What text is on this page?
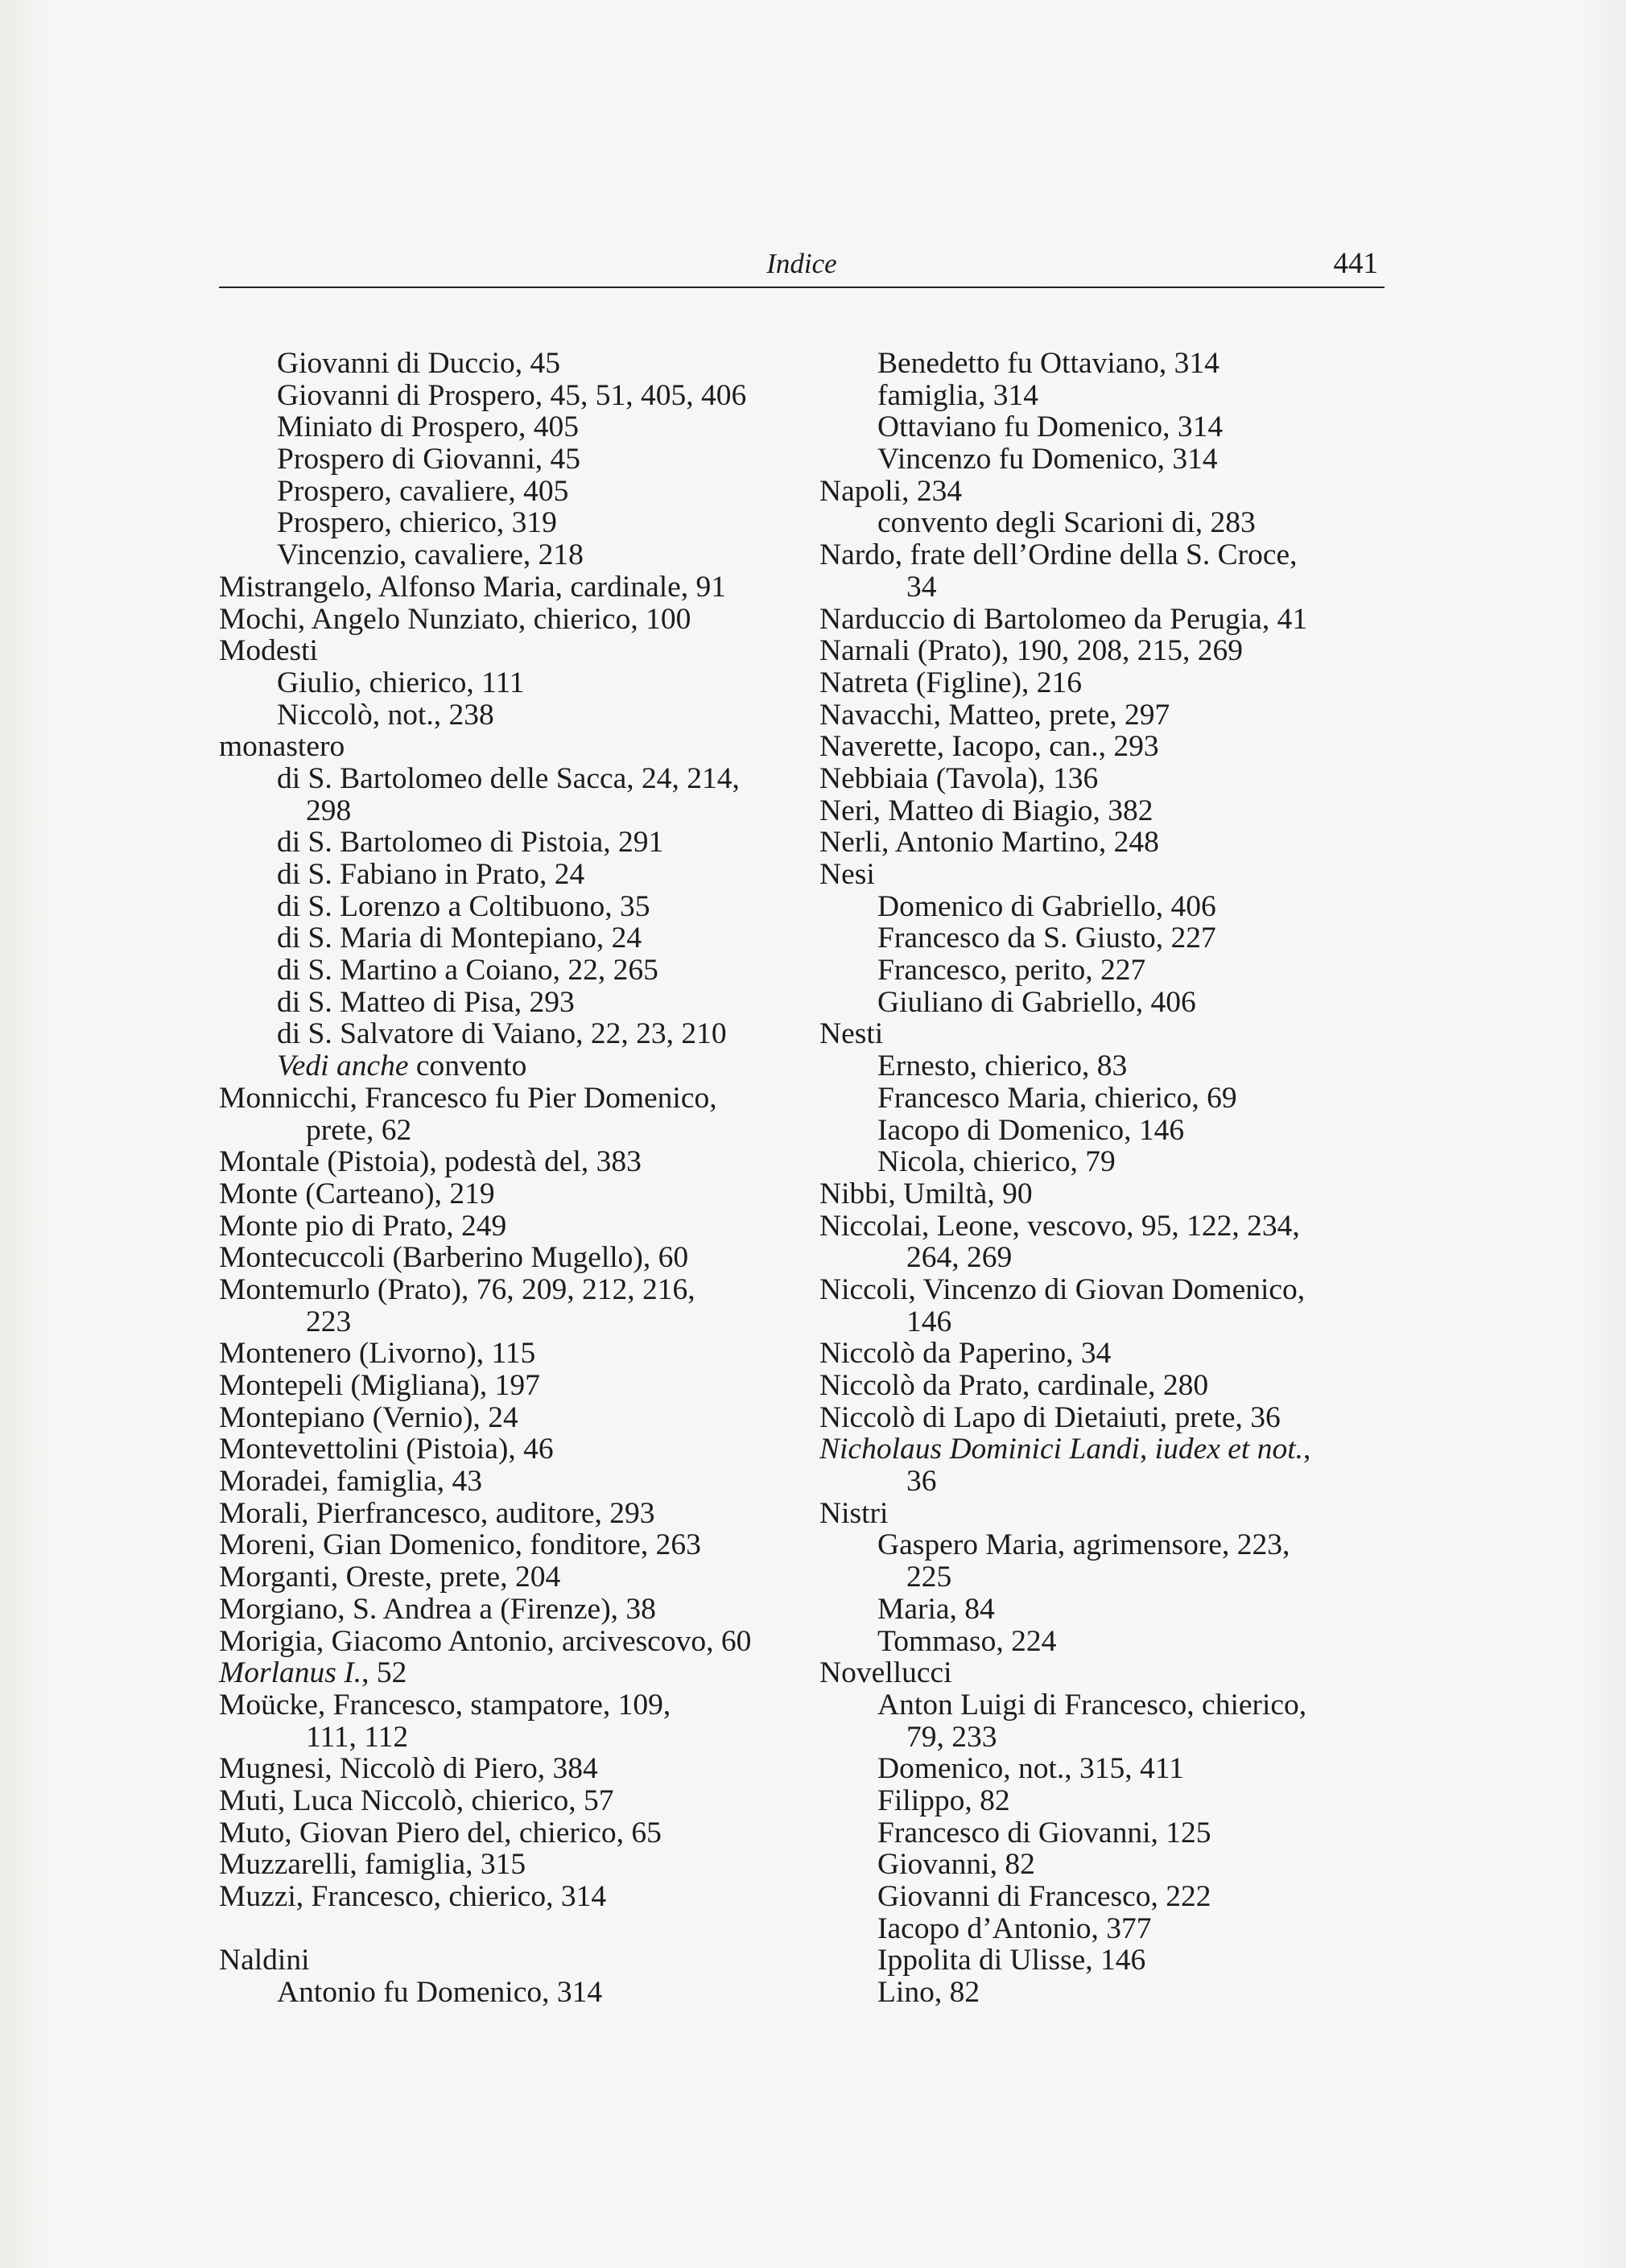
Indice	441
Giovanni di Duccio, 45
Giovanni di Prospero, 45, 51, 405, 406
Miniato di Prospero, 405
Prospero di Giovanni, 45
Prospero, cavaliere, 405
Prospero, chierico, 319
Vincenzio, cavaliere, 218
Mistrangelo, Alfonso Maria, cardinale, 91
Mochi, Angelo Nunziato, chierico, 100
Modesti
Giulio, chierico, 111
Niccolò, not., 238
monastero
di S. Bartolomeo delle Sacca, 24, 214,
298
di S. Bartolomeo di Pistoia, 291
di S. Fabiano in Prato, 24
di S. Lorenzo a Coltibuono, 35
di S. Maria di Montepiano, 24
di S. Martino a Coiano, 22, 265
di S. Matteo di Pisa, 293
di S. Salvatore di Vaiano, 22, 23, 210
Vedi anche convento
Monnicchi, Francesco fu Pier Domenico,
prete, 62
Montale (Pistoia), podestà del, 383
Monte (Carteano), 219
Monte pio di Prato, 249
Montecuccoli (Barberino Mugello), 60
Montemurlo (Prato), 76, 209, 212, 216,
223
Montenero (Livorno), 115
Montepeli (Migliana), 197
Montepiano (Vernio), 24
Montevettolini (Pistoia), 46
Moradei, famiglia, 43
Morali, Pierfrancesco, auditore, 293
Moreni, Gian Domenico, fonditore, 263
Morganti, Oreste, prete, 204
Morgiano, S. Andrea a (Firenze), 38
Morigia, Giacomo Antonio, arcivescovo, 60
Morlanus I., 52
Moücke, Francesco, stampatore, 109,
111, 112
Mugnesi, Niccolò di Piero, 384
Muti, Luca Niccolò, chierico, 57
Muto, Giovan Piero del, chierico, 65
Muzzarelli, famiglia, 315
Muzzi, Francesco, chierico, 314
Naldini
Antonio fu Domenico, 314
Benedetto fu Ottaviano, 314
famiglia, 314
Ottaviano fu Domenico, 314
Vincenzo fu Domenico, 314
Napoli, 234
convento degli Scarioni di, 283
Nardo, frate dell’Ordine della S. Croce,
34
Narduccio di Bartolomeo da Perugia, 41
Narnali (Prato), 190, 208, 215, 269
Natreta (Figline), 216
Navacchi, Matteo, prete, 297
Naverette, Iacopo, can., 293
Nebbiaia (Tavola), 136
Neri, Matteo di Biagio, 382
Nerli, Antonio Martino, 248
Nesi
Domenico di Gabriello, 406
Francesco da S. Giusto, 227
Francesco, perito, 227
Giuliano di Gabriello, 406
Nesti
Ernesto, chierico, 83
Francesco Maria, chierico, 69
Iacopo di Domenico, 146
Nicola, chierico, 79
Nibbi, Umiltà, 90
Niccolai, Leone, vescovo, 95, 122, 234,
264, 269
Niccoli, Vincenzo di Giovan Domenico,
146
Niccolò da Paperino, 34
Niccolò da Prato, cardinale, 280
Niccolò di Lapo di Dietaiuti, prete, 36
Nicholaus Dominici Landi, iudex et not.,
36
Nistri
Gaspero Maria, agrimensore, 223,
225
Maria, 84
Tommaso, 224
Novellucci
Anton Luigi di Francesco, chierico,
79, 233
Domenico, not., 315, 411
Filippo, 82
Francesco di Giovanni, 125
Giovanni, 82
Giovanni di Francesco, 222
Iacopo d’Antonio, 377
Ippolita di Ulisse, 146
Lino, 82
